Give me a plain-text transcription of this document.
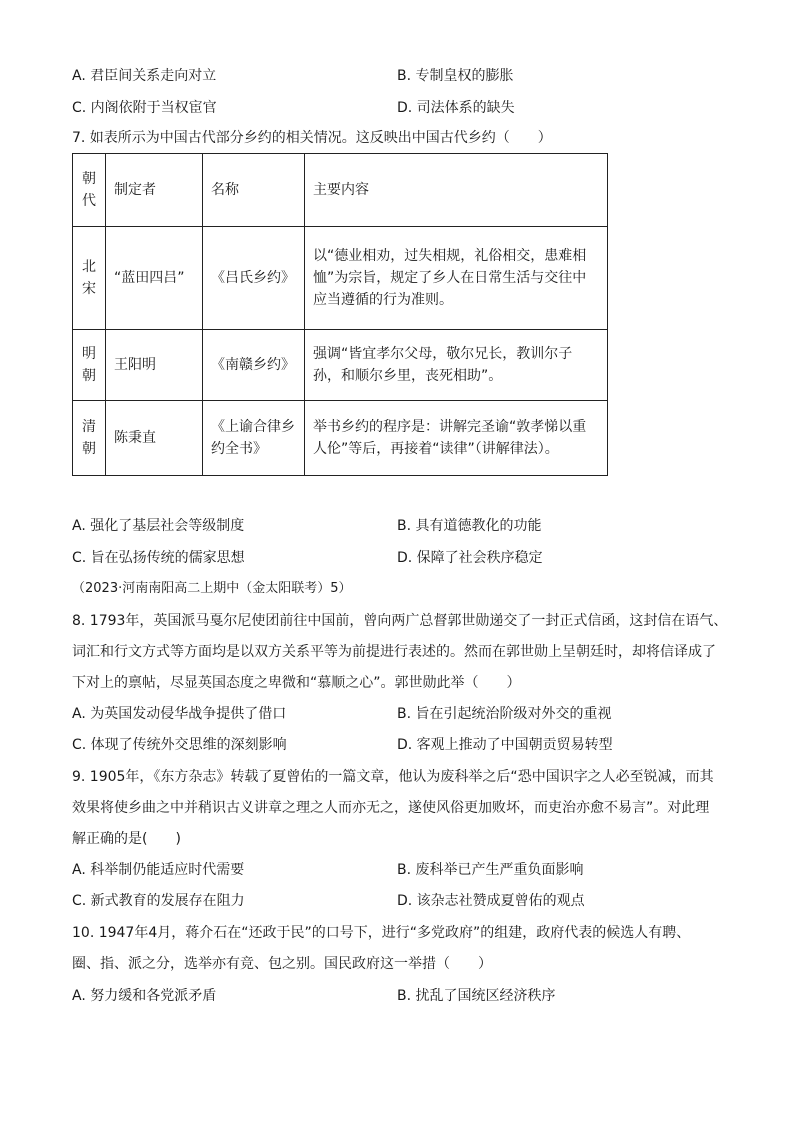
A. 君臣间关系走向对立	B. 专制皇权的膨胀
C. 内阁依附于当权宦官	D. 司法体系的缺失
7. 如表所示为中国古代部分乡约的相关情况。这反映出中国古代乡约（　　）
朝代	制定者	名称	主要内容
北宋	“蓝田四吕”	《吕氏乡约》	以“德业相劝，过失相规，礼俗相交，患难相恤”为宗旨，规定了乡人在日常生活与交往中应当遵循的行为准则。
明朝	王阳明	《南赣乡约》	强调“皆宜孝尔父母，敬尔兄长，教训尔子孙，和顺尔乡里，丧死相助”。
清朝	陈秉直	《上谕合律乡约全书》	举书乡约的程序是：讲解完圣谕“敦孝悌以重人伦”等后，再接着“读律”（讲解律法）。
A. 强化了基层社会等级制度	B. 具有道德教化的功能
C. 旨在弘扬传统的儒家思想	D. 保障了社会秩序稳定
（2023·河南南阳高二上期中（金太阳联考）5）
8. 1793年，英国派马戛尔尼使团前往中国前，曾向两广总督郭世勋递交了一封正式信函，这封信在语气、
词汇和行文方式等方面均是以双方关系平等为前提进行表述的。然而在郭世勋上呈朝廷时，却将信译成了
下对上的禀帖，尽显英国态度之卑微和“慕顺之心”。郭世勋此举（　　）
A. 为英国发动侵华战争提供了借口	B. 旨在引起统治阶级对外交的重视
C. 体现了传统外交思维的深刻影响	D. 客观上推动了中国朝贡贸易转型
9. 1905年，《东方杂志》转载了夏曾佑的一篇文章，他认为废科举之后“恐中国识字之人必至锐减，而其
效果将使乡曲之中并稍识古义讲章之理之人而亦无之，遂使风俗更加败坏，而吏治亦愈不易言”。对此理
解正确的是(　　)
A. 科举制仍能适应时代需要	B. 废科举已产生严重负面影响
C. 新式教育的发展存在阻力	D. 该杂志社赞成夏曾佑的观点
10. 1947年4月，蒋介石在“还政于民”的口号下，进行“多党政府”的组建，政府代表的候选人有聘、
圈、指、派之分，选举亦有竞、包之别。国民政府这一举措（　　）
A. 努力缓和各党派矛盾	B. 扰乱了国统区经济秩序
